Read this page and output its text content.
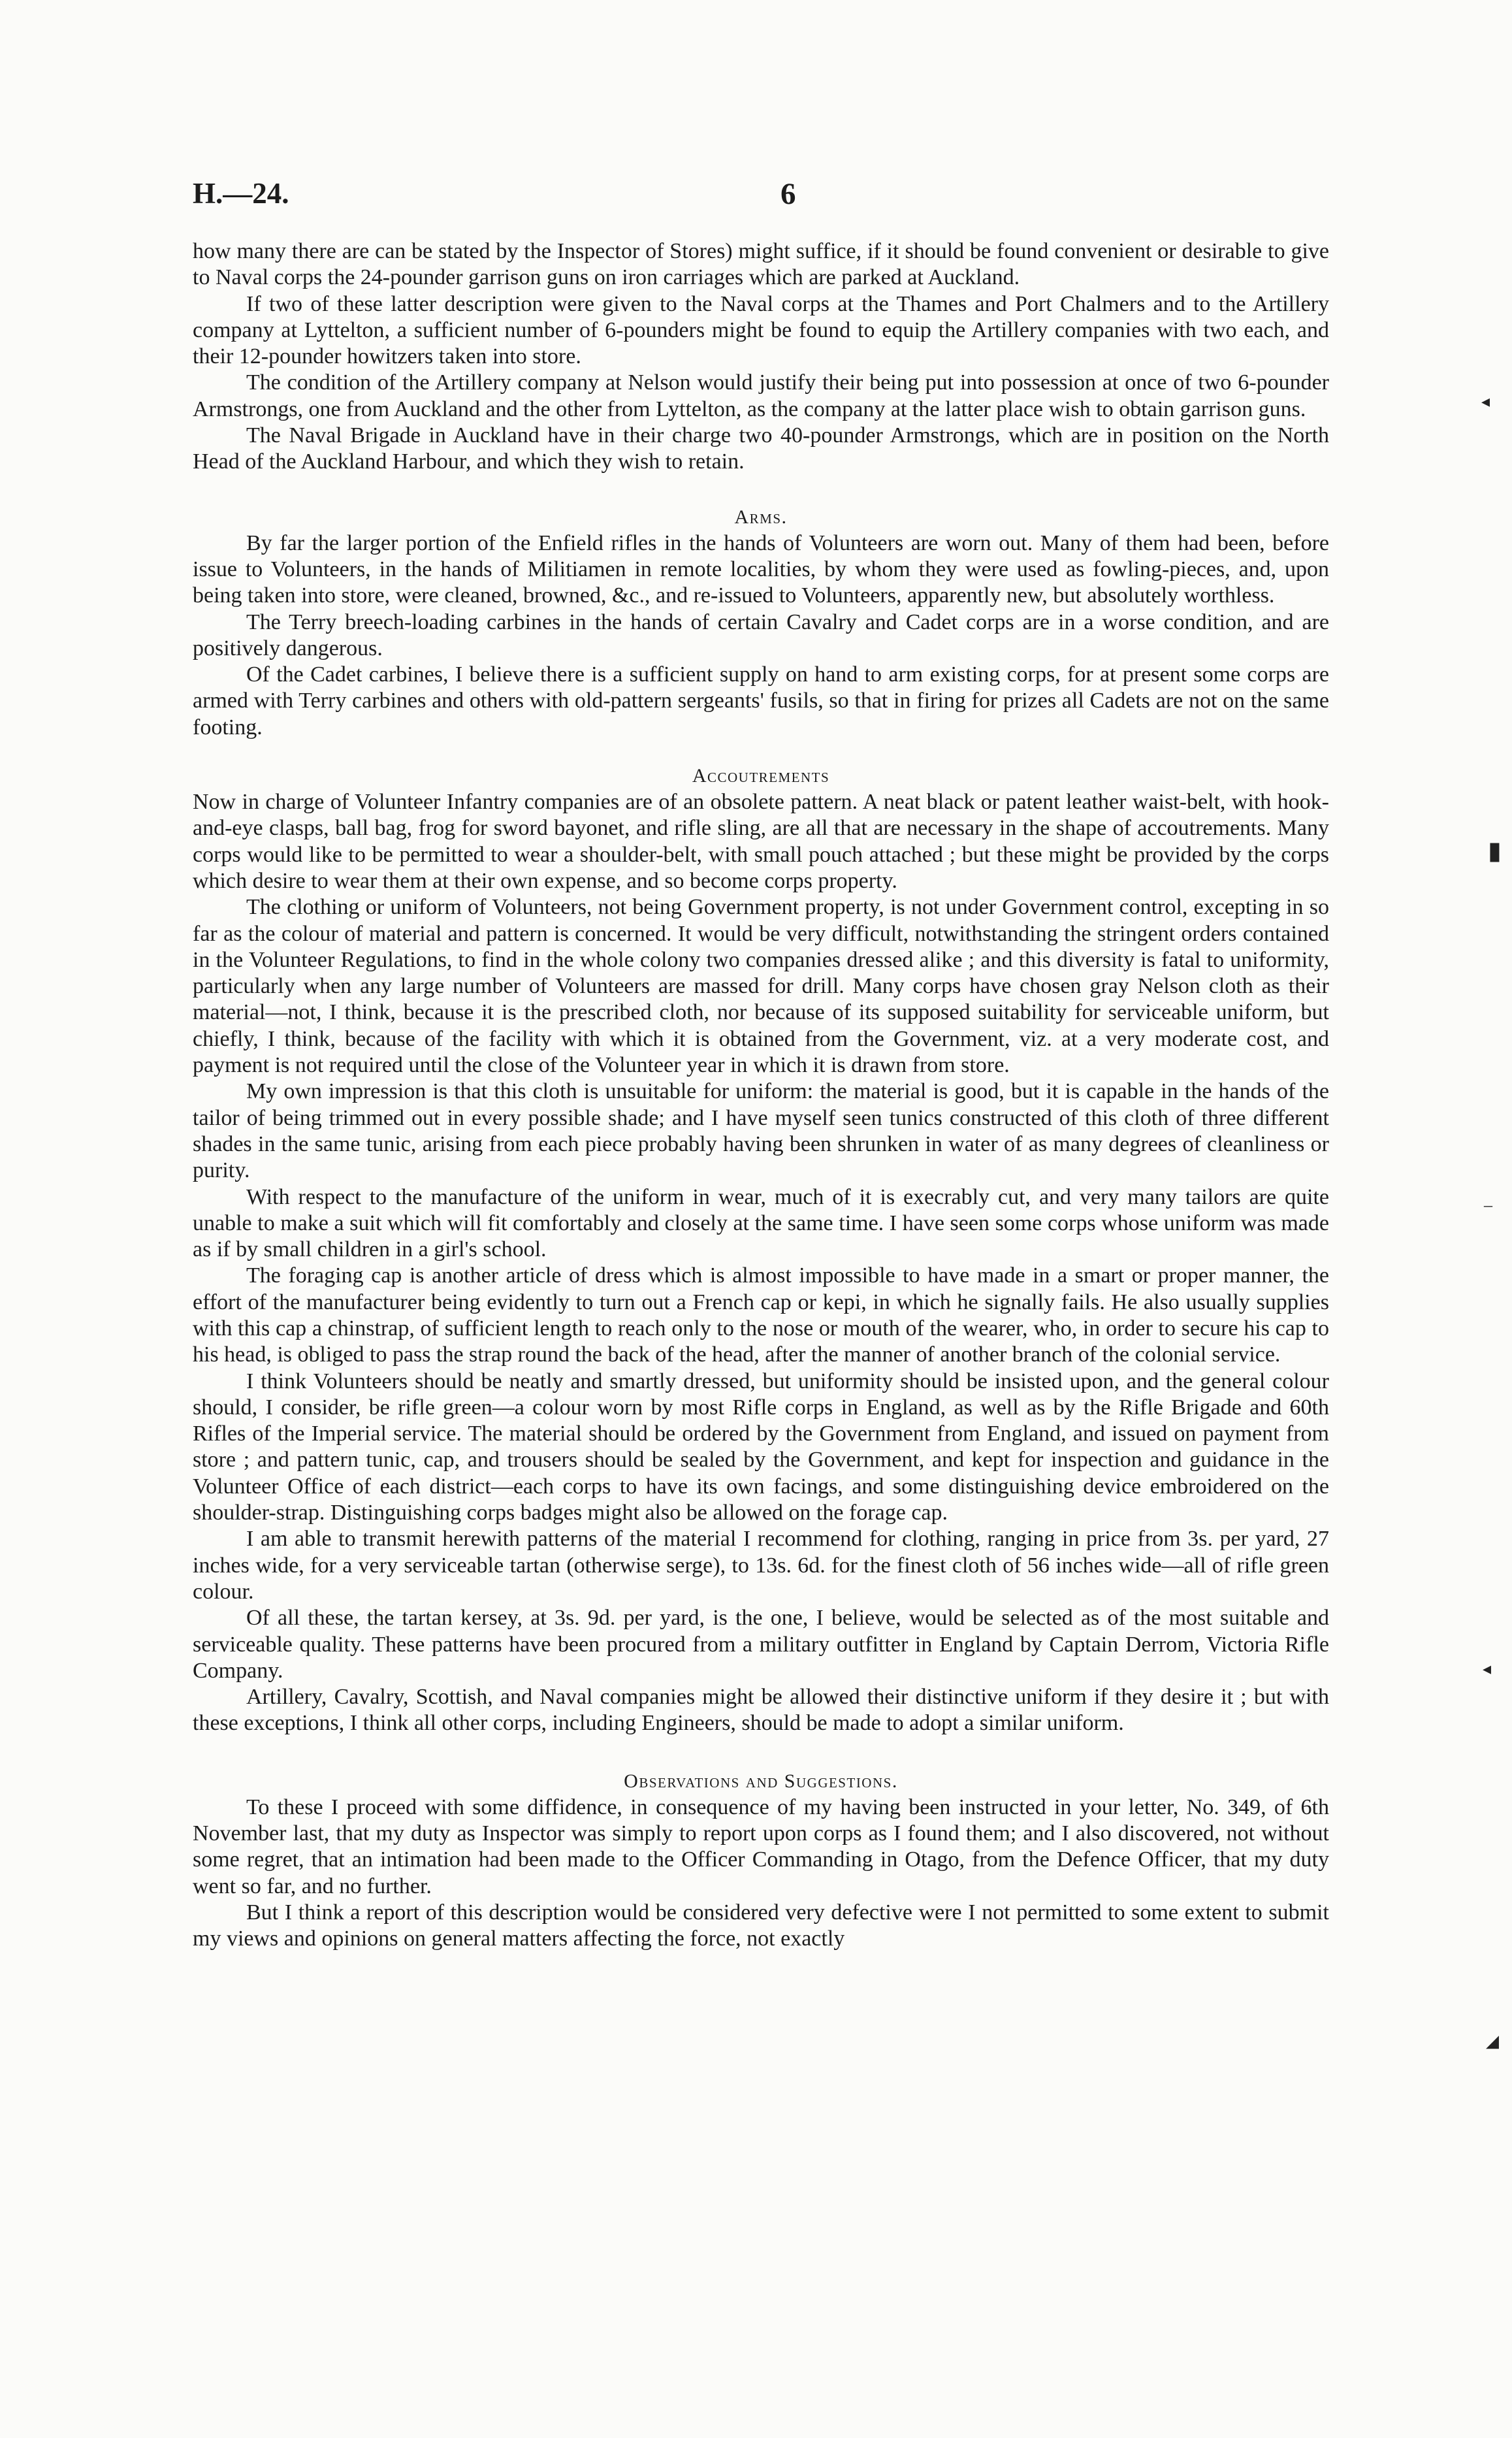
H.—24.	6

how many there are can be stated by the Inspector of Stores) might suffice, if it should be found convenient or desirable to give to Naval corps the 24-pounder garrison guns on iron carriages which are parked at Auckland.

If two of these latter description were given to the Naval corps at the Thames and Port Chalmers and to the Artillery company at Lyttelton, a sufficient number of 6-pounders might be found to equip the Artillery companies with two each, and their 12-pounder howitzers taken into store.

The condition of the Artillery company at Nelson would justify their being put into possession at once of two 6-pounder Armstrongs, one from Auckland and the other from Lyttelton, as the company at the latter place wish to obtain garrison guns.

The Naval Brigade in Auckland have in their charge two 40-pounder Armstrongs, which are in position on the North Head of the Auckland Harbour, and which they wish to retain.

Arms.

By far the larger portion of the Enfield rifles in the hands of Volunteers are worn out. Many of them had been, before issue to Volunteers, in the hands of Militiamen in remote localities, by whom they were used as fowling-pieces, and, upon being taken into store, were cleaned, browned, &c., and re-issued to Volunteers, apparently new, but absolutely worthless.

The Terry breech-loading carbines in the hands of certain Cavalry and Cadet corps are in a worse condition, and are positively dangerous.

Of the Cadet carbines, I believe there is a sufficient supply on hand to arm existing corps, for at present some corps are armed with Terry carbines and others with old-pattern sergeants' fusils, so that in firing for prizes all Cadets are not on the same footing.

Accoutrements

Now in charge of Volunteer Infantry companies are of an obsolete pattern. A neat black or patent leather waist-belt, with hook-and-eye clasps, ball bag, frog for sword bayonet, and rifle sling, are all that are necessary in the shape of accoutrements. Many corps would like to be permitted to wear a shoulder-belt, with small pouch attached ; but these might be provided by the corps which desire to wear them at their own expense, and so become corps property.

The clothing or uniform of Volunteers, not being Government property, is not under Government control, excepting in so far as the colour of material and pattern is concerned. It would be very difficult, notwithstanding the stringent orders contained in the Volunteer Regulations, to find in the whole colony two companies dressed alike ; and this diversity is fatal to uniformity, particularly when any large number of Volunteers are massed for drill. Many corps have chosen gray Nelson cloth as their material—not, I think, because it is the prescribed cloth, nor because of its supposed suitability for serviceable uniform, but chiefly, I think, because of the facility with which it is obtained from the Government, viz. at a very moderate cost, and payment is not required until the close of the Volunteer year in which it is drawn from store.

My own impression is that this cloth is unsuitable for uniform: the material is good, but it is capable in the hands of the tailor of being trimmed out in every possible shade; and I have myself seen tunics constructed of this cloth of three different shades in the same tunic, arising from each piece probably having been shrunken in water of as many degrees of cleanliness or purity.

With respect to the manufacture of the uniform in wear, much of it is execrably cut, and very many tailors are quite unable to make a suit which will fit comfortably and closely at the same time. I have seen some corps whose uniform was made as if by small children in a girl's school.

The foraging cap is another article of dress which is almost impossible to have made in a smart or proper manner, the effort of the manufacturer being evidently to turn out a French cap or kepi, in which he signally fails. He also usually supplies with this cap a chinstrap, of sufficient length to reach only to the nose or mouth of the wearer, who, in order to secure his cap to his head, is obliged to pass the strap round the back of the head, after the manner of another branch of the colonial service.

I think Volunteers should be neatly and smartly dressed, but uniformity should be insisted upon, and the general colour should, I consider, be rifle green—a colour worn by most Rifle corps in England, as well as by the Rifle Brigade and 60th Rifles of the Imperial service. The material should be ordered by the Government from England, and issued on payment from store ; and pattern tunic, cap, and trousers should be sealed by the Government, and kept for inspection and guidance in the Volunteer Office of each district—each corps to have its own facings, and some distinguishing device embroidered on the shoulder-strap. Distinguishing corps badges might also be allowed on the forage cap.

I am able to transmit herewith patterns of the material I recommend for clothing, ranging in price from 3s. per yard, 27 inches wide, for a very serviceable tartan (otherwise serge), to 13s. 6d. for the finest cloth of 56 inches wide—all of rifle green colour.

Of all these, the tartan kersey, at 3s. 9d. per yard, is the one, I believe, would be selected as of the most suitable and serviceable quality. These patterns have been procured from a military outfitter in England by Captain Derrom, Victoria Rifle Company.

Artillery, Cavalry, Scottish, and Naval companies might be allowed their distinctive uniform if they desire it ; but with these exceptions, I think all other corps, including Engineers, should be made to adopt a similar uniform.

Observations and Suggestions.

To these I proceed with some diffidence, in consequence of my having been instructed in your letter, No. 349, of 6th November last, that my duty as Inspector was simply to report upon corps as I found them; and I also discovered, not without some regret, that an intimation had been made to the Officer Commanding in Otago, from the Defence Officer, that my duty went so far, and no further.

But I think a report of this description would be considered very defective were I not permitted to some extent to submit my views and opinions on general matters affecting the force, not exactly

◂
▮
‒
◂
◢
